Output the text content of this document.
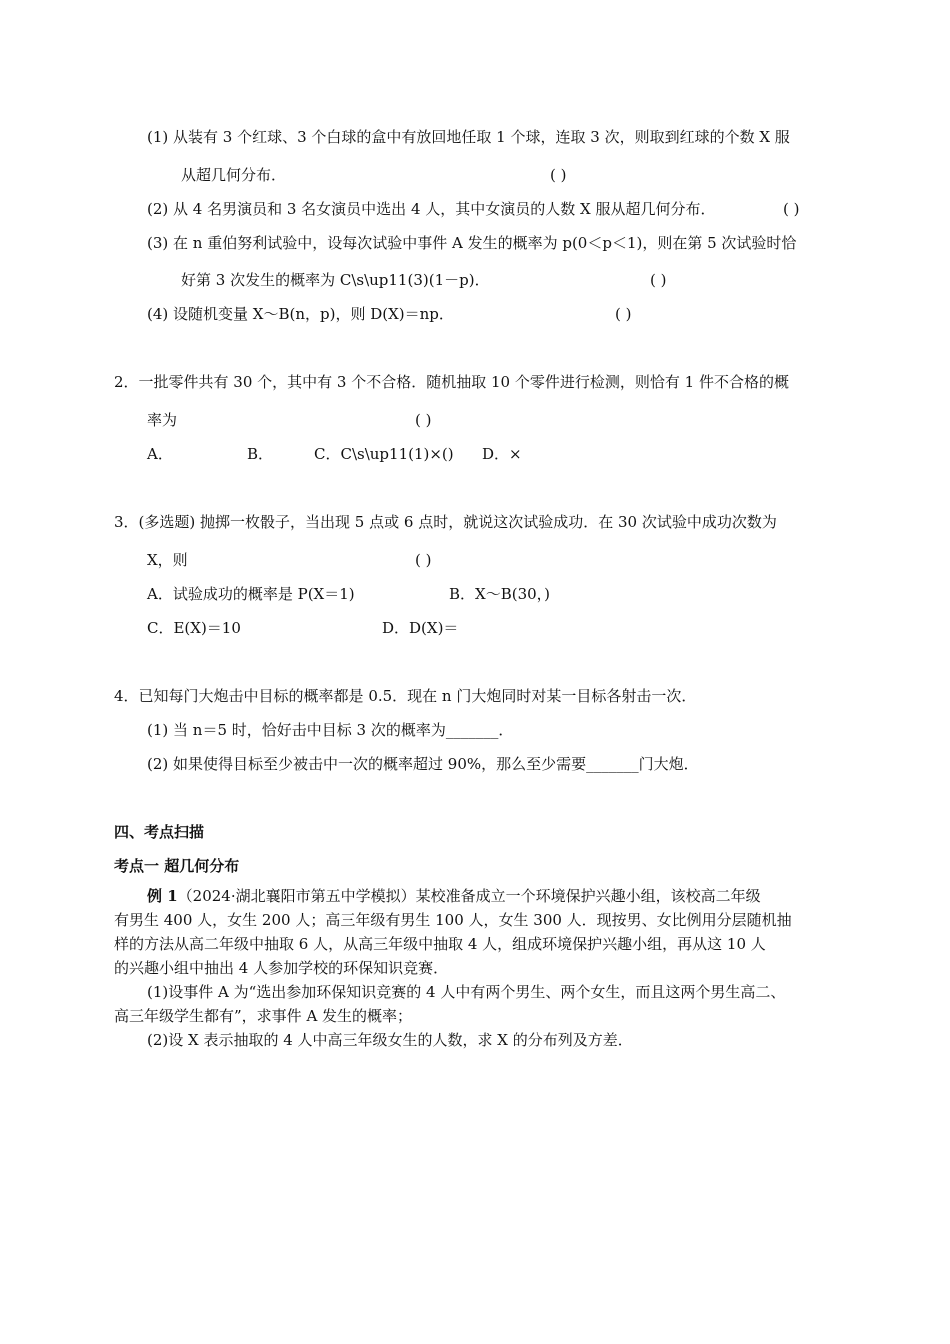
(1) 从装有 3 个红球、3 个白球的盒中有放回地任取 1 个球，连取 3 次，则取到红球的个数 X 服
从超几何分布．	( )
(2) 从 4 名男演员和 3 名女演员中选出 4 人，其中女演员的人数 X 服从超几何分布．	( )
(3) 在 n 重伯努利试验中，设每次试验中事件 A 发生的概率为 p(0＜p＜1)，则在第 5 次试验时恰
好第 3 次发生的概率为 C\s\up11(3)(1－p)．	( )
(4) 设随机变量 X～B(n，p)，则 D(X)＝np．	( )
2．一批零件共有 30 个，其中有 3 个不合格．随机抽取 10 个零件进行检测，则恰有 1 件不合格的概
率为	( )
A．	B．	C．C\s\up11(1)×() D．×
3．(多选题) 抛掷一枚骰子，当出现 5 点或 6 点时，就说这次试验成功．在 30 次试验中成功次数为
X，则	( )
A．试验成功的概率是 P(X＝1)	B．X～B(30，)
C．E(X)＝10	D．D(X)＝
4．已知每门大炮击中目标的概率都是 0.5．现在 n 门大炮同时对某一目标各射击一次．
(1) 当 n＝5 时，恰好击中目标 3 次的概率为_______．
(2) 如果使得目标至少被击中一次的概率超过 90%，那么至少需要_______门大炮．
四、考点扫描
考点一 超几何分布
例 1（2024·湖北襄阳市第五中学模拟）某校准备成立一个环境保护兴趣小组，该校高二年级
有男生 400 人，女生 200 人；高三年级有男生 100 人，女生 300 人．现按男、女比例用分层随机抽
样的方法从高二年级中抽取 6 人，从高三年级中抽取 4 人，组成环境保护兴趣小组，再从这 10 人
的兴趣小组中抽出 4 人参加学校的环保知识竞赛．
(1)设事件 A 为“选出参加环保知识竞赛的 4 人中有两个男生、两个女生，而且这两个男生高二、
高三年级学生都有”，求事件 A 发生的概率；
(2)设 X 表示抽取的 4 人中高三年级女生的人数，求 X 的分布列及方差．
